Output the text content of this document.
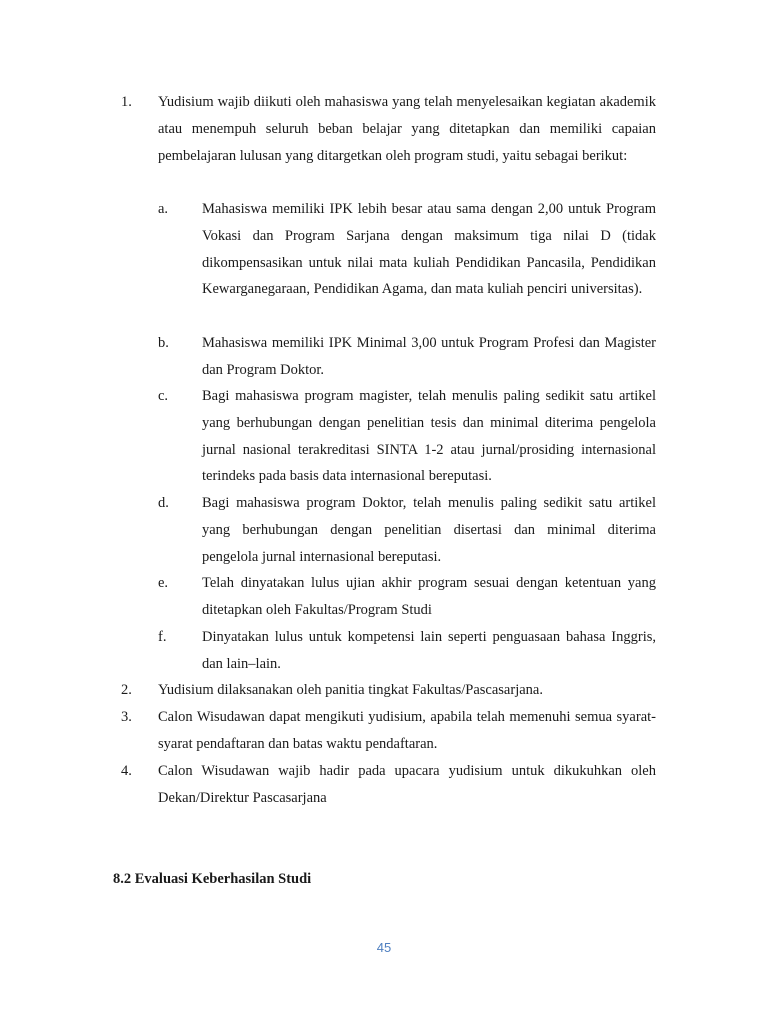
1. Yudisium wajib diikuti oleh mahasiswa yang telah menyelesaikan kegiatan akademik atau menempuh seluruh beban belajar yang ditetapkan dan memiliki capaian pembelajaran lulusan yang ditargetkan oleh program studi, yaitu sebagai berikut:
a. Mahasiswa memiliki IPK lebih besar atau sama dengan 2,00 untuk Program Vokasi dan Program Sarjana dengan maksimum tiga nilai D (tidak dikompensasikan untuk nilai mata kuliah Pendidikan Pancasila, Pendidikan Kewarganegaraan, Pendidikan Agama, dan mata kuliah penciri universitas).
b. Mahasiswa memiliki IPK Minimal 3,00 untuk Program Profesi dan Magister dan Program Doktor.
c. Bagi mahasiswa program magister, telah menulis paling sedikit satu artikel yang berhubungan dengan penelitian tesis dan minimal diterima pengelola jurnal nasional terakreditasi SINTA 1-2 atau jurnal/prosiding internasional terindeks pada basis data internasional bereputasi.
d. Bagi mahasiswa program Doktor, telah menulis paling sedikit satu artikel yang berhubungan dengan penelitian disertasi dan minimal diterima pengelola jurnal internasional bereputasi.
e. Telah dinyatakan lulus ujian akhir program sesuai dengan ketentuan yang ditetapkan oleh Fakultas/Program Studi
f. Dinyatakan lulus untuk kompetensi lain seperti penguasaan bahasa Inggris, dan lain–lain.
2. Yudisium dilaksanakan oleh panitia tingkat Fakultas/Pascasarjana.
3. Calon Wisudawan dapat mengikuti yudisium, apabila telah memenuhi semua syarat-syarat pendaftaran dan batas waktu pendaftaran.
4. Calon Wisudawan wajib hadir pada upacara yudisium untuk dikukuhkan oleh Dekan/Direktur Pascasarjana
8.2 Evaluasi Keberhasilan Studi
45
